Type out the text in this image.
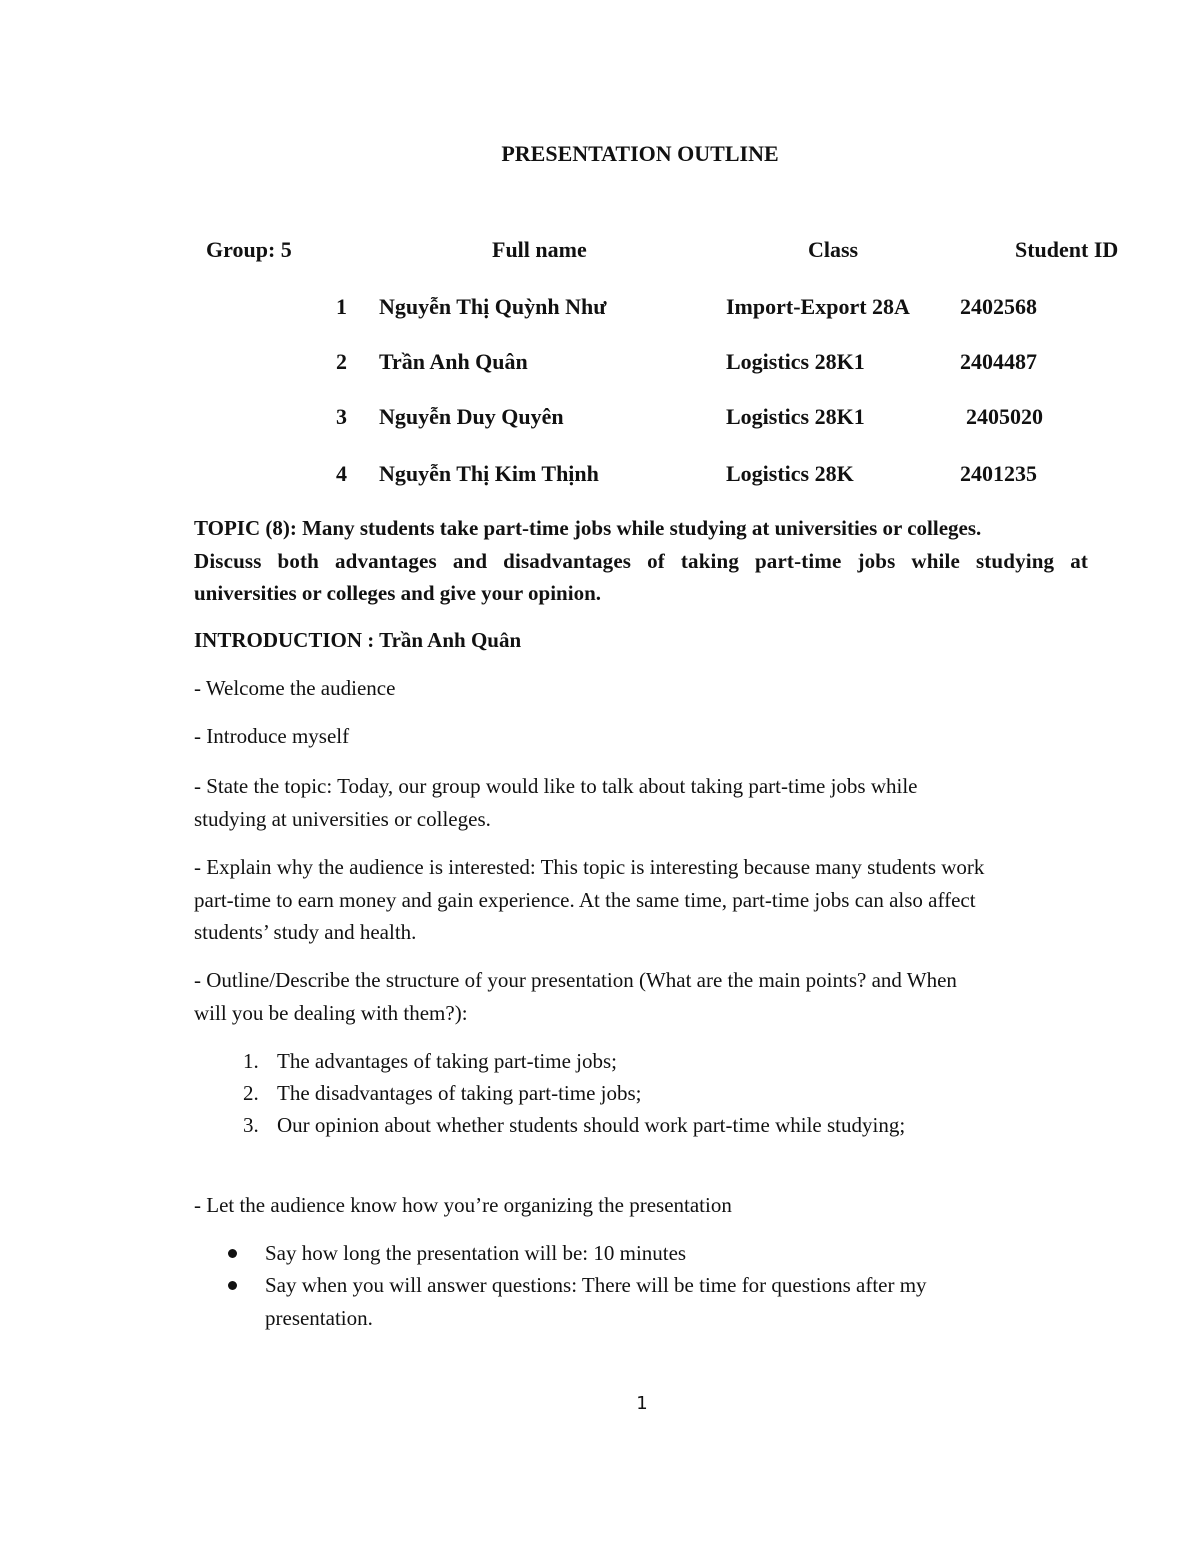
PRESENTATION OUTLINE
Group: 5	Full name	Class	Student ID
1 Nguyễn Thị Quỳnh Như	Import-Export 28A 2402568
2 Trần Anh Quân	Logistics 28K1	2404487
3 Nguyễn Duy Quyên	Logistics 28K1	2405020
4 Nguyễn Thị Kim Thịnh	Logistics 28K	2401235
TOPIC (8): Many students take part-time jobs while studying at universities or colleges.
Discuss both advantages and disadvantages of taking part-time jobs while studying at
universities or colleges and give your opinion.
INTRODUCTION : Trần Anh Quân
- Welcome the audience
- Introduce myself
- State the topic: Today, our group would like to talk about taking part-time jobs while
studying at universities or colleges.
- Explain why the audience is interested: This topic is interesting because many students work
part-time to earn money and gain experience. At the same time, part-time jobs can also affect
students’ study and health.
- Outline/Describe the structure of your presentation (What are the main points? and When
will you be dealing with them?):
1. The advantages of taking part-time jobs;
2. The disadvantages of taking part-time jobs;
3. Our opinion about whether students should work part-time while studying;
- Let the audience know how you’re organizing the presentation
Say how long the presentation will be: 10 minutes
Say when you will answer questions: There will be time for questions after my
presentation.
1
